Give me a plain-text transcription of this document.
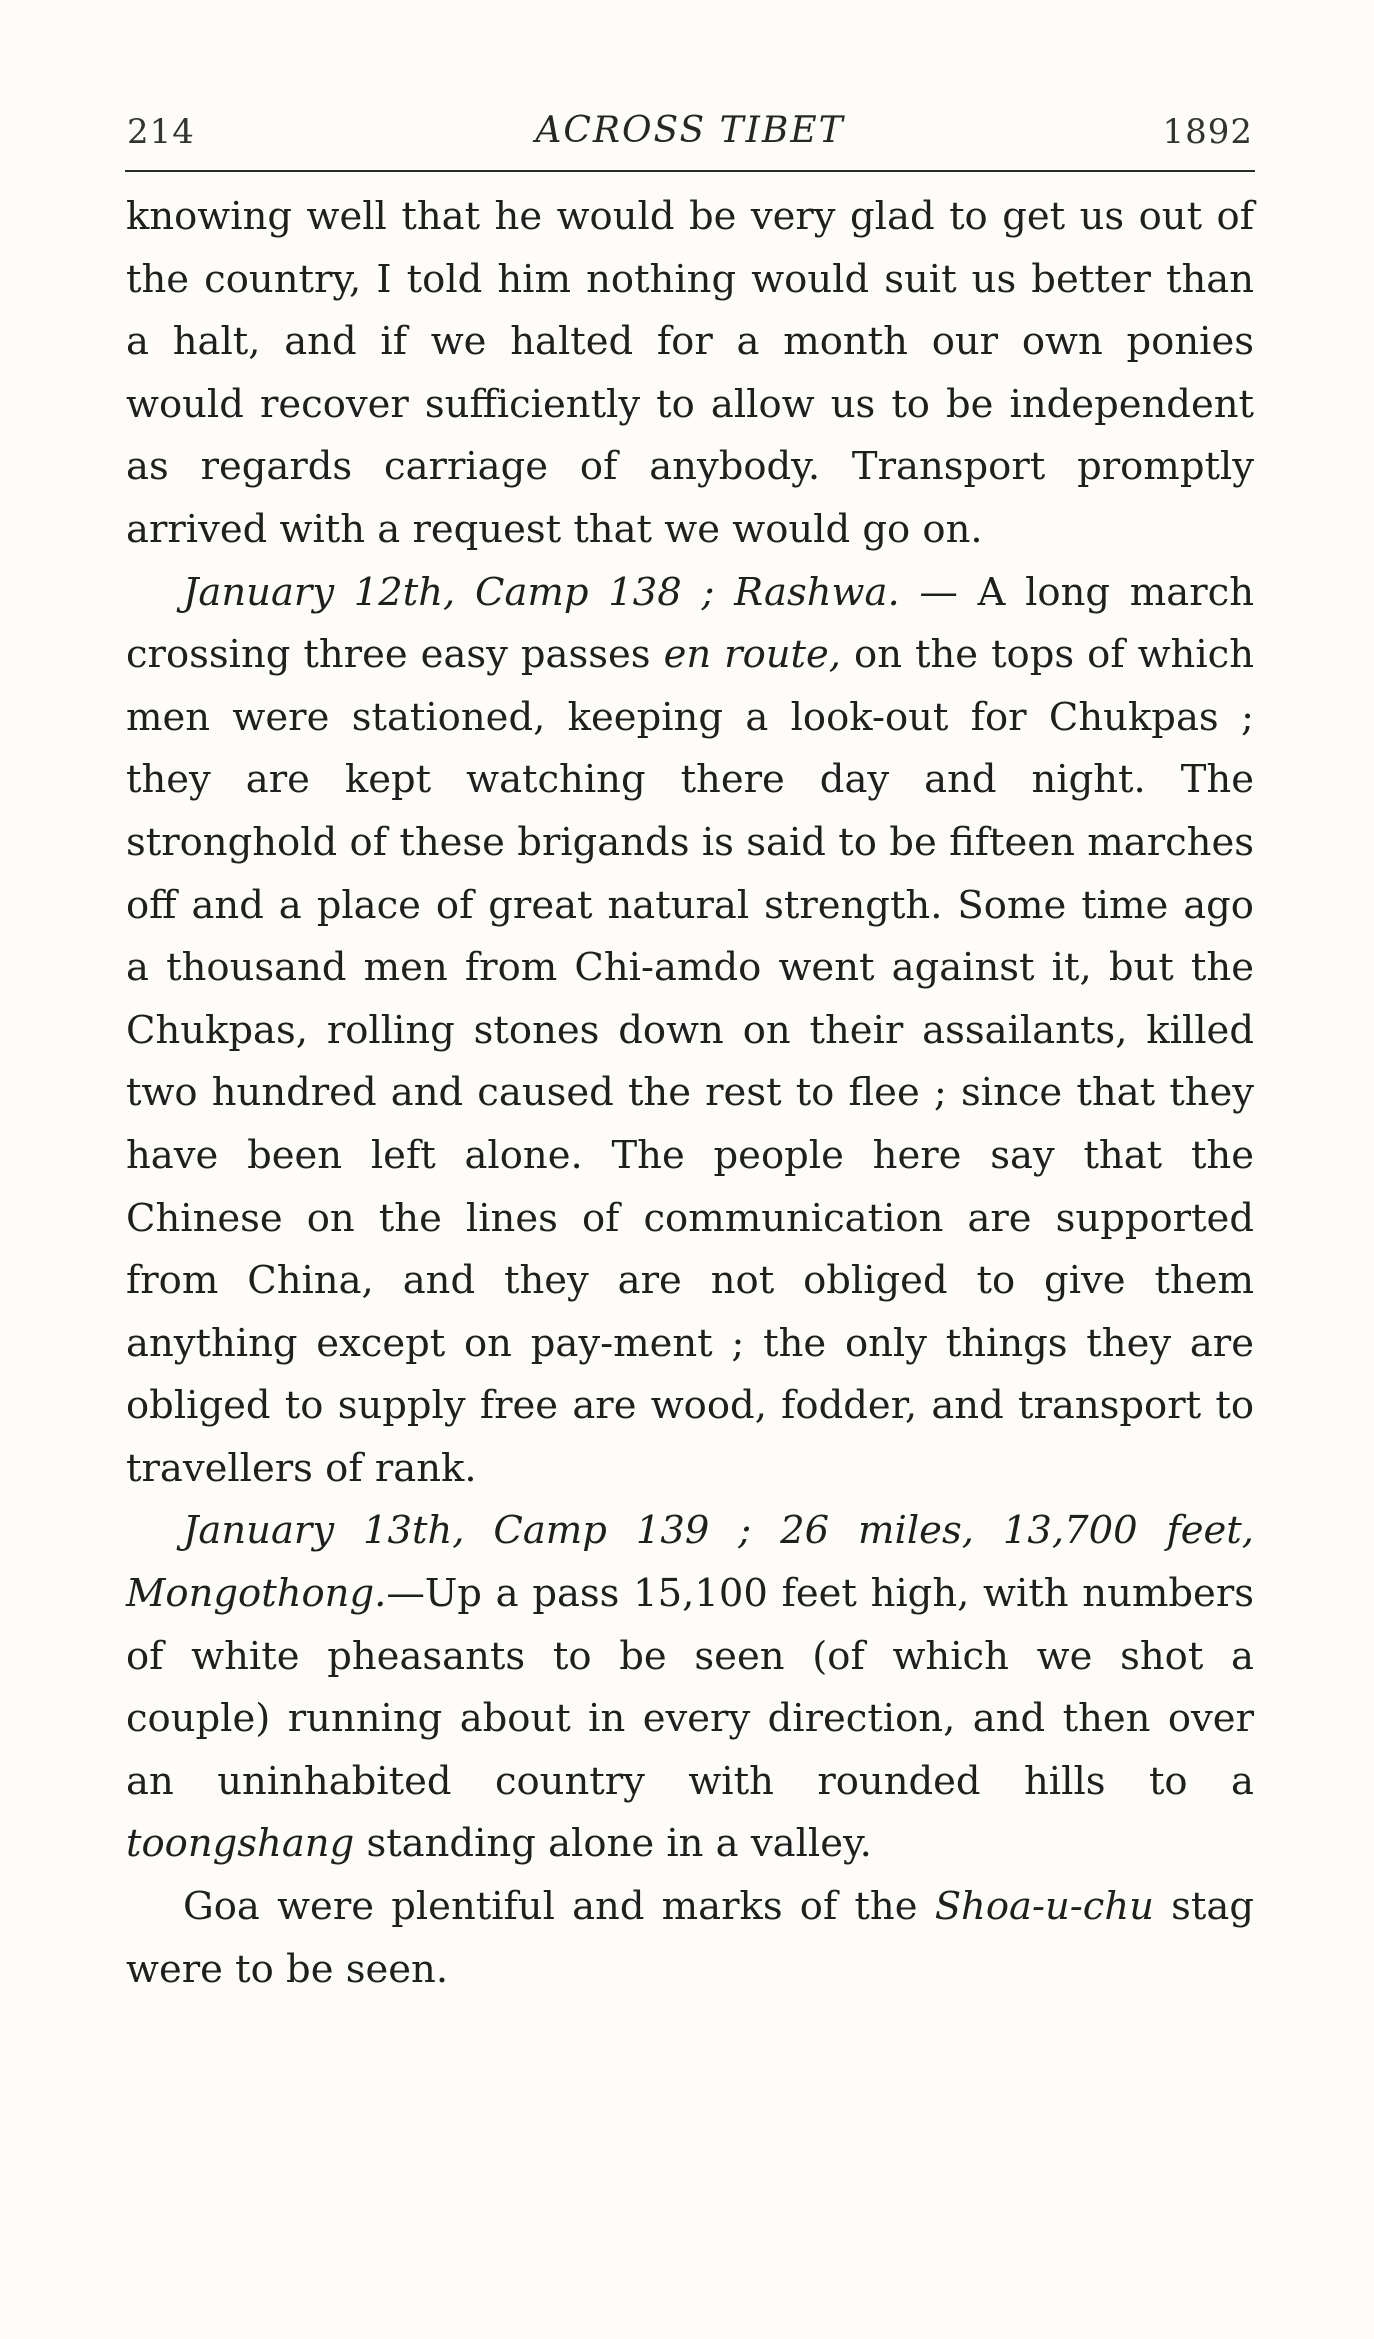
214	ACROSS TIBET	1892

knowing well that he would be very glad to get us out of the country, I told him nothing would suit us better than a halt, and if we halted for a month our own ponies would recover sufficiently to allow us to be independent as regards carriage of anybody. Transport promptly arrived with a request that we would go on.

January 12th, Camp 138 ; Rashwa. — A long march crossing three easy passes en route, on the tops of which men were stationed, keeping a look-out for Chukpas ; they are kept watching there day and night. The stronghold of these brigands is said to be fifteen marches off and a place of great natural strength. Some time ago a thousand men from Chi-amdo went against it, but the Chukpas, rolling stones down on their assailants, killed two hundred and caused the rest to flee ; since that they have been left alone. The people here say that the Chinese on the lines of communication are supported from China, and they are not obliged to give them anything except on pay-ment ; the only things they are obliged to supply free are wood, fodder, and transport to travellers of rank.

January 13th, Camp 139 ; 26 miles, 13,700 feet, Mongothong.—Up a pass 15,100 feet high, with numbers of white pheasants to be seen (of which we shot a couple) running about in every direction, and then over an uninhabited country with rounded hills to a toongshang standing alone in a valley.

Goa were plentiful and marks of the Shoa-u-chu stag were to be seen.
